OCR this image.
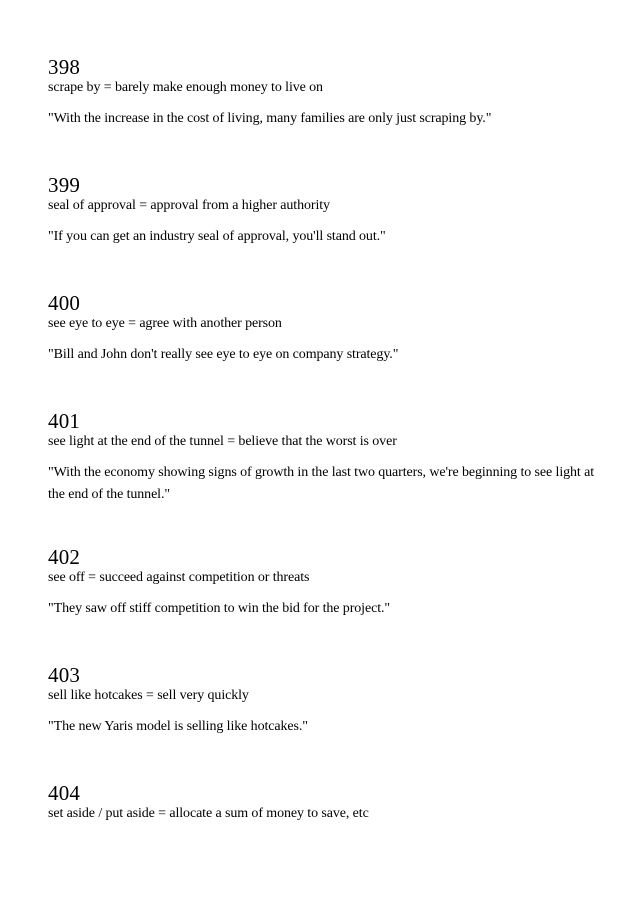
398
scrape by = barely make enough money to live on
"With the increase in the cost of living, many families are only just scraping by."
399
seal of approval = approval from a higher authority
"If you can get an industry seal of approval, you'll stand out."
400
see eye to eye = agree with another person
"Bill and John don't really see eye to eye on company strategy."
401
see light at the end of the tunnel = believe that the worst is over
"With the economy showing signs of growth in the last two quarters, we're beginning to see light at the end of the tunnel."
402
see off = succeed against competition or threats
"They saw off stiff competition to win the bid for the project."
403
sell like hotcakes = sell very quickly
"The new Yaris model is selling like hotcakes."
404
set aside / put aside = allocate a sum of money to save, etc
